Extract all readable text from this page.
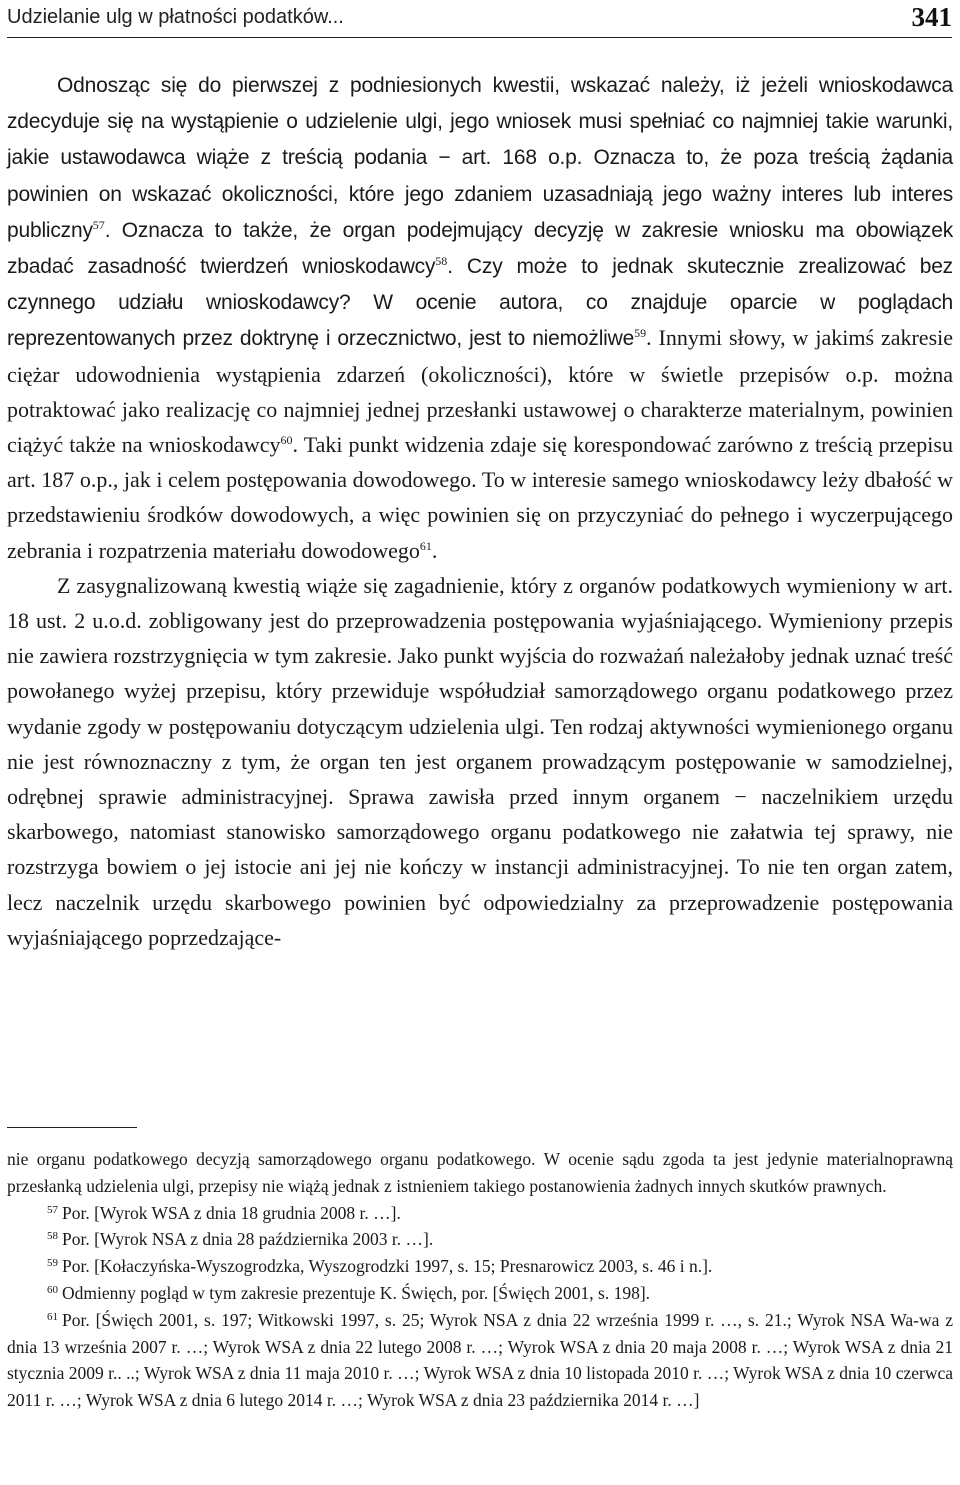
Udzielanie ulg w płatności podatków...	341

Odnosząc się do pierwszej z podniesionych kwestii, wskazać należy, iż jeżeli wnioskodawca zdecyduje się na wystąpienie o udzielenie ulgi, jego wniosek musi spełniać co najmniej takie warunki, jakie ustawodawca wiąże z treścią podania − art. 168 o.p. Oznacza to, że poza treścią żądania powinien on wskazać okoliczności, które jego zdaniem uzasadniają jego ważny interes lub interes publiczny$^{57}$. Oznacza to także, że organ podejmujący decyzję w zakresie wniosku ma obowiązek zbadać zasadność twierdzeń wnioskodawcy$^{58}$. Czy może to jednak skutecznie zrealizować bez czynnego udziału wnioskodawcy? W ocenie autora, co znajduje oparcie w poglądach reprezentowanych przez doktrynę i orzecznictwo, jest to niemożliwe$^{59}$. Innymi słowy, w jakimś zakresie ciężar udowodnienia wystąpienia zdarzeń (okoliczności), które w świetle przepisów o.p. można potraktować jako realizację co najmniej jednej przesłanki ustawowej o charakterze materialnym, powinien ciążyć także na wnioskodawcy$^{60}$. Taki punkt widzenia zdaje się korespondować zarówno z treścią przepisu art. 187 o.p., jak i celem postępowania dowodowego. To w interesie samego wnioskodawcy leży dbałość w przedstawieniu środków dowodowych, a więc powinien się on przyczyniać do pełnego i wyczerpującego zebrania i rozpatrzenia materiału dowodowego$^{61}$.

Z zasygnalizowaną kwestią wiąże się zagadnienie, który z organów podatkowych wymieniony w art. 18 ust. 2 u.o.d. zobligowany jest do przeprowadzenia postępowania wyjaśniającego. Wymieniony przepis nie zawiera rozstrzygnięcia w tym zakresie. Jako punkt wyjścia do rozważań należałoby jednak uznać treść powołanego wyżej przepisu, który przewiduje współudział samorządowego organu podatkowego przez wydanie zgody w postępowaniu dotyczącym udzielenia ulgi. Ten rodzaj aktywności wymienionego organu nie jest równoznaczny z tym, że organ ten jest organem prowadzącym postępowanie w samodzielnej, odrębnej sprawie administracyjnej. Sprawa zawisła przed innym organem − naczelnikiem urzędu skarbowego, natomiast stanowisko samorządowego organu podatkowego nie załatwia tej sprawy, nie rozstrzyga bowiem o jej istocie ani jej nie kończy w instancji administracyjnej. To nie ten organ zatem, lecz naczelnik urzędu skarbowego powinien być odpowiedzialny za przeprowadzenie postępowania wyjaśniającego poprzedzające-

nie organu podatkowego decyzją samorządowego organu podatkowego. W ocenie sądu zgoda ta jest jedynie materialnoprawną przesłanką udzielenia ulgi, przepisy nie wiążą jednak z istnieniem takiego postanowienia żadnych innych skutków prawnych.

$^{57}$ Por. [Wyrok WSA z dnia 18 grudnia 2008 r. …].

$^{58}$ Por. [Wyrok NSA z dnia 28 października 2003 r. …].

$^{59}$ Por. [Kołaczyńska-Wyszogrodzka, Wyszogrodzki 1997, s. 15; Presnarowicz 2003, s. 46 i n.].

$^{60}$ Odmienny pogląd w tym zakresie prezentuje K. Święch, por. [Święch 2001, s. 198].

$^{61}$ Por. [Święch 2001, s. 197; Witkowski 1997, s. 25; Wyrok NSA z dnia 22 września 1999 r. …, s. 21.; Wyrok NSA Wa-wa z dnia 13 września 2007 r. …; Wyrok WSA z dnia 22 lutego 2008 r. …; Wyrok WSA z dnia 20 maja 2008 r. …; Wyrok WSA z dnia 21 stycznia 2009 r.. ..; Wyrok WSA z dnia 11 maja 2010 r. …; Wyrok WSA z dnia 10 listopada 2010 r. …; Wyrok WSA z dnia 10 czerwca 2011 r. …; Wyrok WSA z dnia 6 lutego 2014 r. …; Wyrok WSA z dnia 23 października 2014 r. …]
